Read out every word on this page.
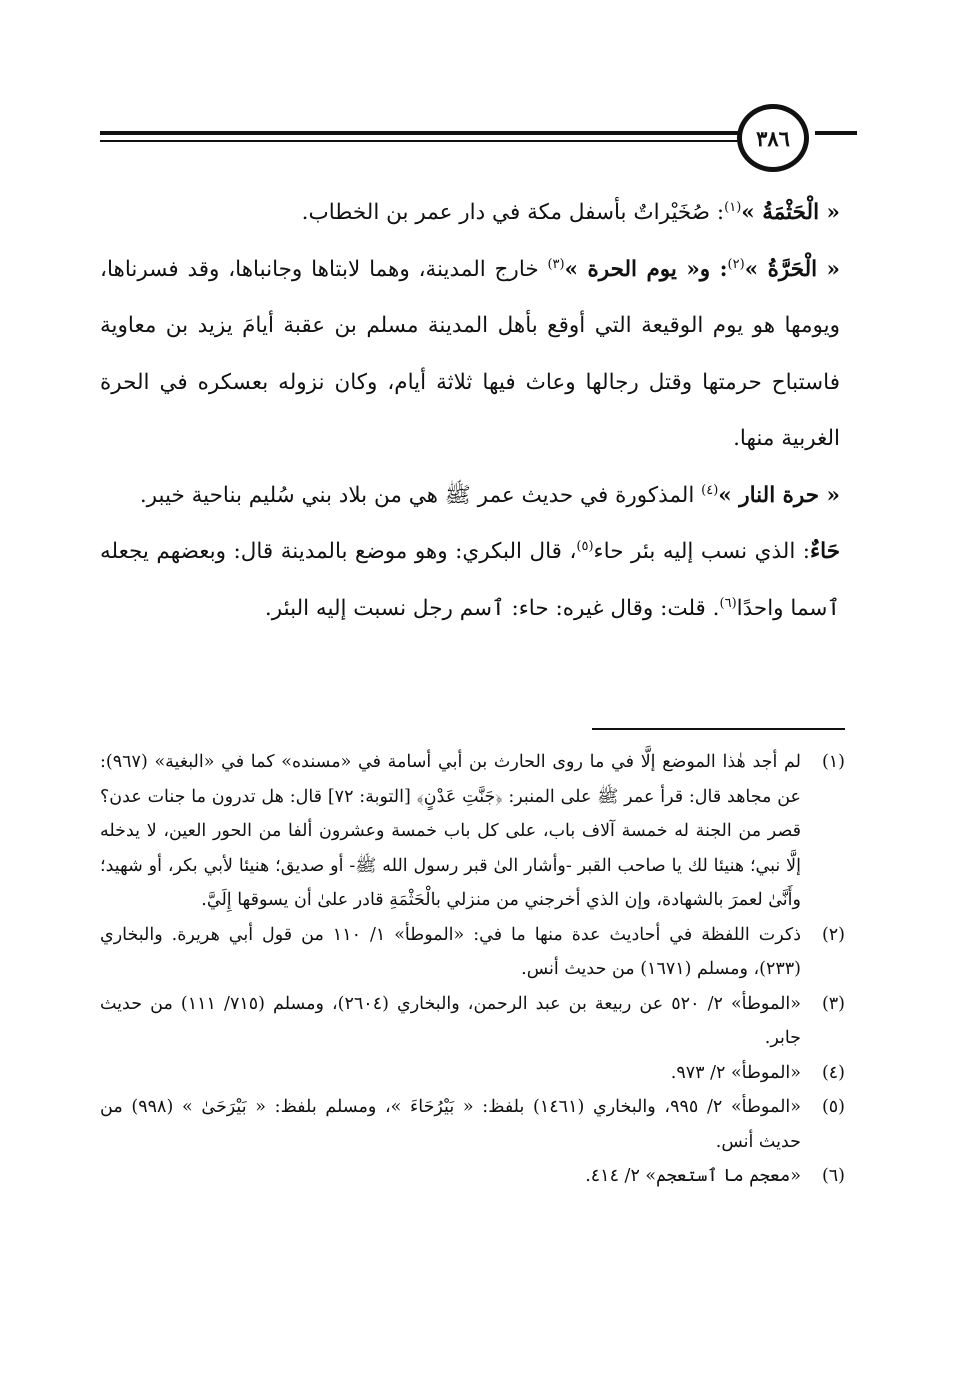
٣٨٦

« الْحَثْمَةُ »$^{(١)}$: صُخَيْراتٌ بأسفل مكة في دار عمر بن الخطاب.

« الْحَرَّةُ »$^{(٢)}$: و« يوم الحرة »$^{(٣)}$ خارج المدينة، وهما لابتاها وجانباها، وقد فسرناها، ويومها هو يوم الوقيعة التي أوقع بأهل المدينة مسلم بن عقبة أيامَ يزيد بن معاوية فاستباح حرمتها وقتل رجالها وعاث فيها ثلاثة أيام، وكان نزوله بعسكره في الحرة الغربية منها.

« حرة النار »$^{(٤)}$ المذكورة في حديث عمر ﷺ هي من بلاد بني سُليم بناحية خيبر.

حَاءٌ: الذي نسب إليه بئر حاء$^{(٥)}$، قال البكري: وهو موضع بالمدينة قال: وبعضهم يجعله ٱسما واحدًا$^{(٦)}$. قلت: وقال غيره: حاء: ٱسم رجل نسبت إليه البئر.

(١)
لم أجد هٰذا الموضع إلَّا في ما روى الحارث بن أبي أسامة في «مسنده» كما في «البغية» (٩٦٧): عن مجاهد قال: قرأ عمر ﷺ على المنبر: ﴿جَنَّتِ عَدْنٍ﴾ [التوبة: ٧٢] قال: هل تدرون ما جنات عدن؟ قصر من الجنة له خمسة آلاف باب، على كل باب خمسة وعشرون ألفا من الحور العين، لا يدخله إلَّا نبي؛ هنيئا لك يا صاحب القبر -وأشار الىٰ قبر رسول الله ﷺ- أو صديق؛ هنيئا لأبي بكر، أو شهيد؛ وأَنَّىٰ لعمرَ بالشهادة، وإن الذي أخرجني من منزلي بالْحَثْمَةِ قادر علىٰ أن يسوقها إِلَيَّ.
(٢)
ذكرت اللفظة في أحاديث عدة منها ما في: «الموطأ» ١/ ١١٠ من قول أبي هريرة. والبخاري (٢٣٣)، ومسلم (١٦٧١) من حديث أنس.
(٣)
«الموطأ» ٢/ ٥٢٠ عن ربيعة بن عبد الرحمن، والبخاري (٢٦٠٤)، ومسلم (٧١٥/ ١١١) من حديث جابر.
(٤)
«الموطأ» ٢/ ٩٧٣.
(٥)
«الموطأ» ٢/ ٩٩٥، والبخاري (١٤٦١) بلفظ: « بَيْرُحَاءَ »، ومسلم بلفظ: « بَيْرَحَىٰ » (٩٩٨) من حديث أنس.
(٦)
«معجم ما ٱستعجم» ٢/ ٤١٤.
